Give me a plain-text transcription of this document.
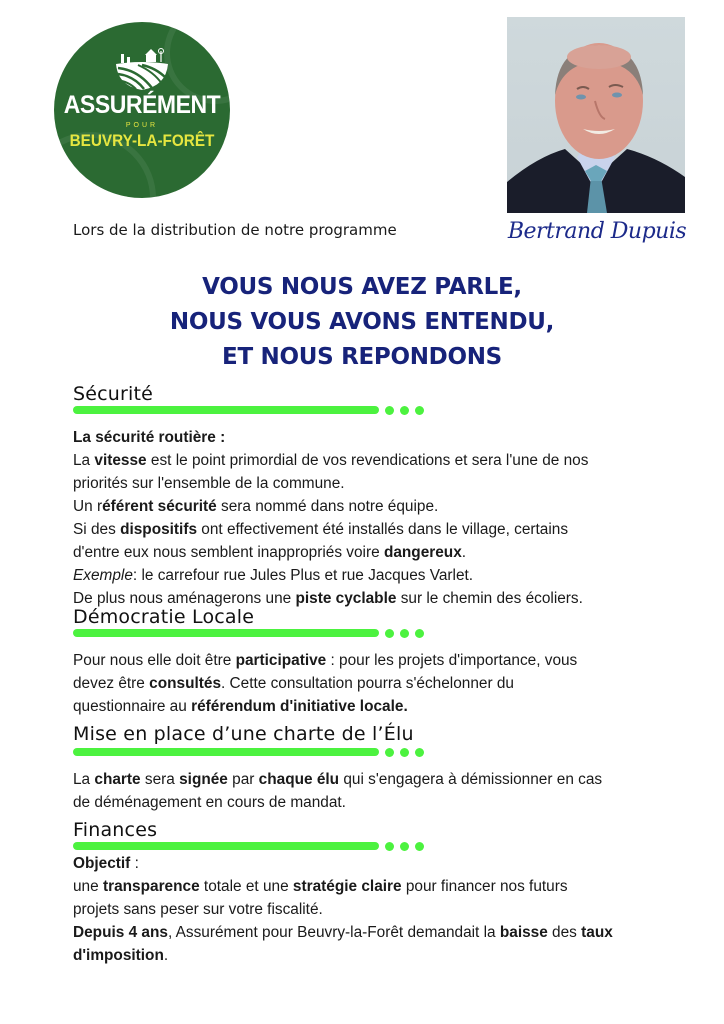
ASSURÉMENT
POUR
BEUVRY-LA-FORÊT
Bertrand Dupuis
Lors de la distribution de notre programme
VOUS NOUS AVEZ PARLE,
NOUS VOUS AVONS ENTENDU,
ET NOUS REPONDONS
Sécurité

La sécurité routière :

La vitesse est le point primordial de vos revendications et sera l'une de nos

priorités sur l'ensemble de la commune.

Un référent sécurité sera nommé dans notre équipe.

Si des dispositifs ont effectivement été installés dans le village, certains

d'entre eux nous semblent inappropriés voire dangereux.

Exemple: le carrefour rue Jules Plus et rue Jacques Varlet.

De plus nous aménagerons une piste cyclable sur le chemin des écoliers.

Démocratie Locale

Pour nous elle doit être participative : pour les projets d'importance, vous

devez être consultés. Cette consultation pourra s'échelonner du

questionnaire au référendum d'initiative locale.

Mise en place d’une charte de l’Élu

La charte sera signée par chaque élu qui s'engagera à démissionner en cas

de déménagement en cours de mandat.

Finances

Objectif :

une transparence totale et une stratégie claire pour financer nos futurs

projets sans peser sur votre fiscalité.

Depuis 4 ans, Assurément pour Beuvry-la-Forêt demandait la baisse des taux

d'imposition.
